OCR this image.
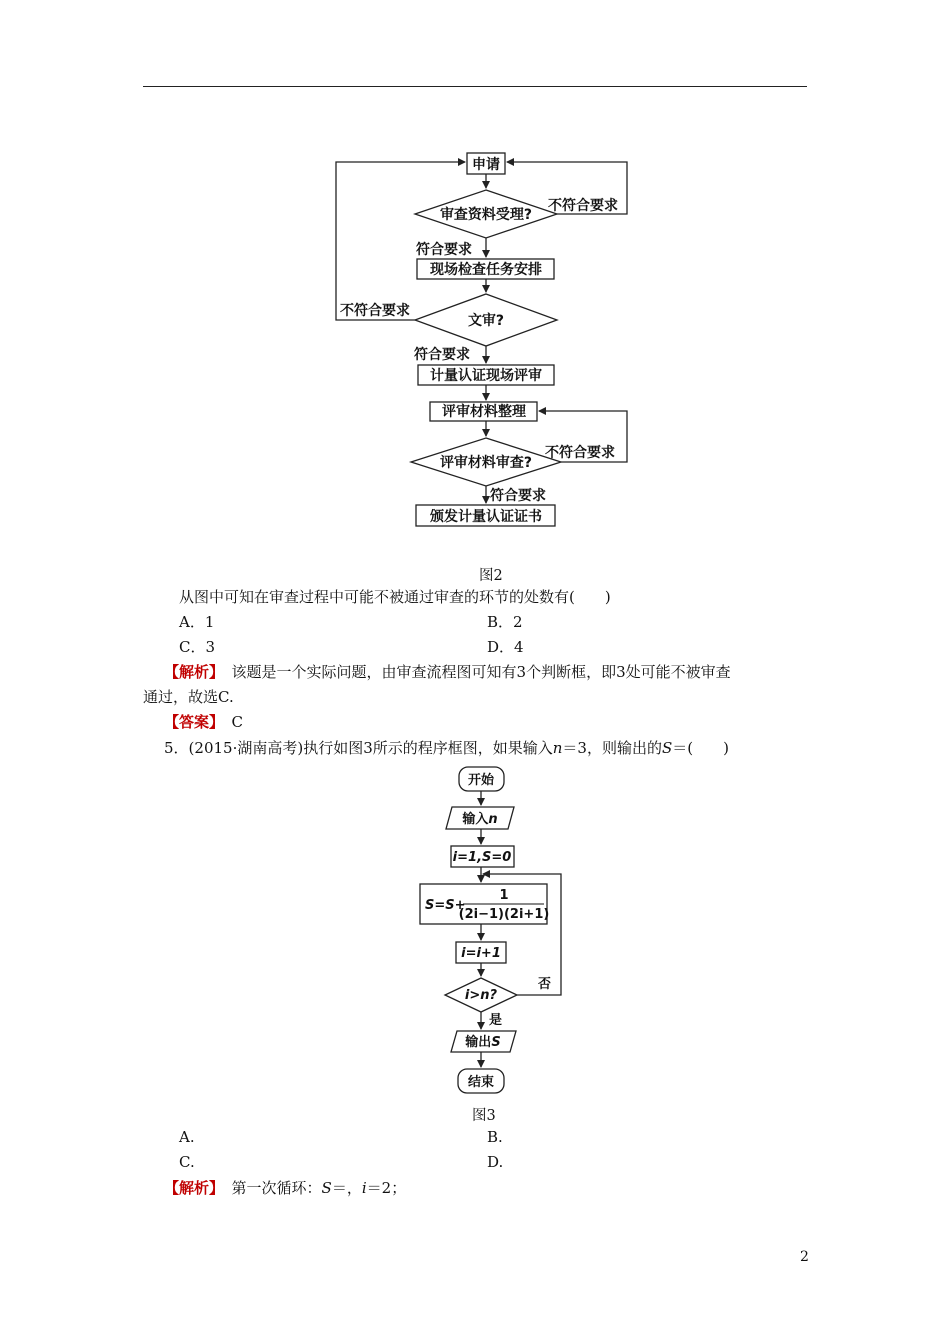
申请
审查资料受理?
不符合要求
符合要求
现场检查任务安排
文审?
不符合要求
符合要求
计量认证现场评审
评审材料整理
评审材料审查?
不符合要求
符合要求
颁发计量认证证书
开始
输入n
i=1,S=0
S=S+
1
(2i−1)(2i+1)
i=i+1
i>n?
否
是
输出S
结束
图2
从图中可知在审查过程中可能不被通过审查的环节的处数有(　　)
A．1	B．2
C．3	D．4
【解析】　 该题是一个实际问题，由审查流程图可知有3个判断框，即3处可能不被审查
通过，故选C.
【答案】　 C
5．(2015·湖南高考)执行如图3所示的程序框图，如果输入n＝3，则输出的S＝(　　)
图3
A.	B.
C.	D.
【解析】　 第一次循环：S＝，i＝2；
2
